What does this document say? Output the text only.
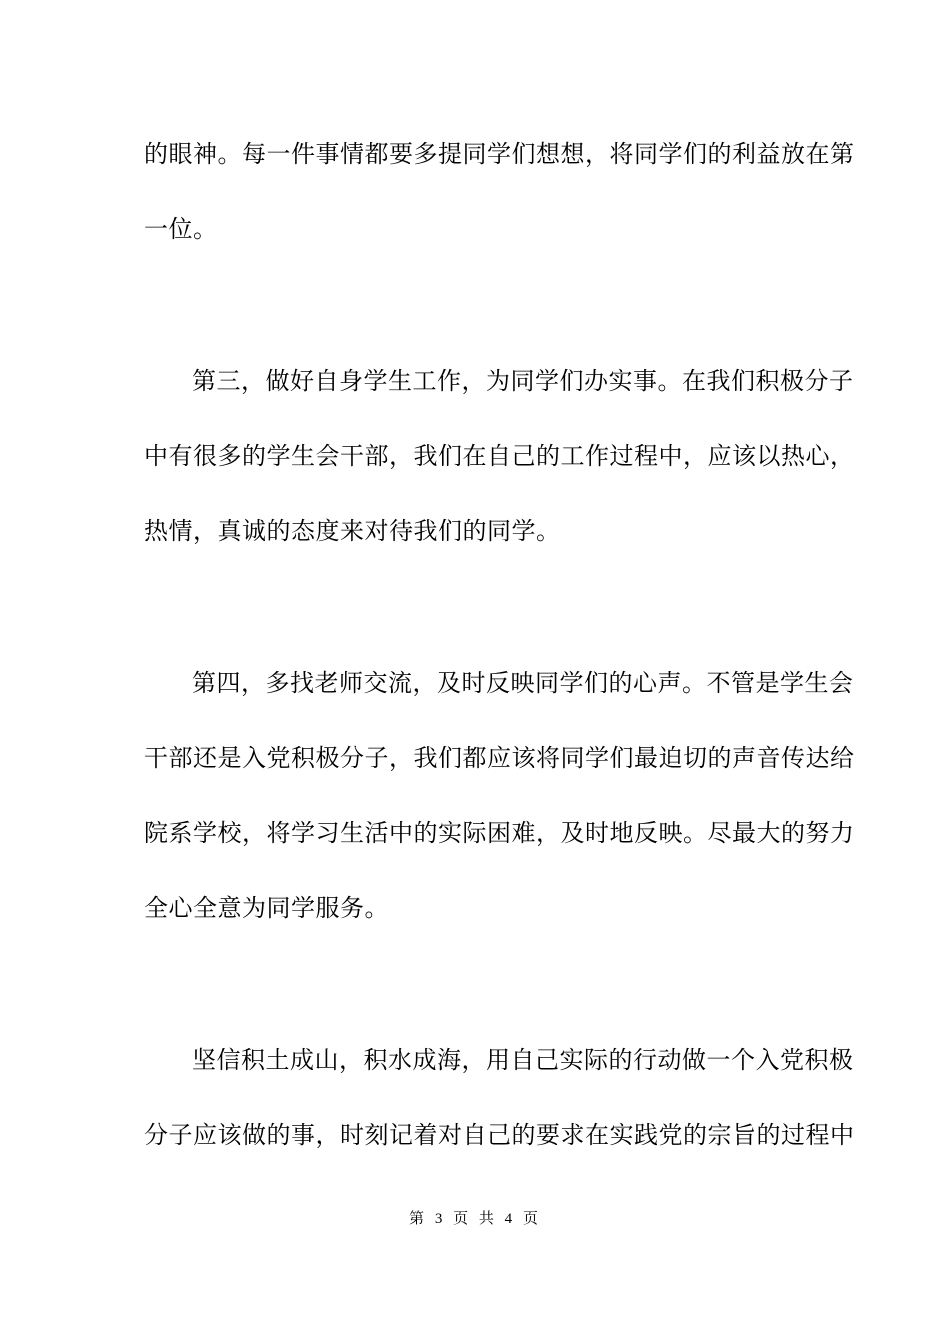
的眼神。每一件事情都要多提同学们想想，将同学们的利益放在第
一位。
第三，做好自身学生工作，为同学们办实事。在我们积极分子
中有很多的学生会干部，我们在自己的工作过程中，应该以热心，
热情，真诚的态度来对待我们的同学。
第四，多找老师交流，及时反映同学们的心声。不管是学生会
干部还是入党积极分子，我们都应该将同学们最迫切的声音传达给
院系学校，将学习生活中的实际困难，及时地反映。尽最大的努力
全心全意为同学服务。
坚信积土成山，积水成海，用自己实际的行动做一个入党积极
分子应该做的事，时刻记着对自己的要求在实践党的宗旨的过程中
第 3 页 共 4 页
